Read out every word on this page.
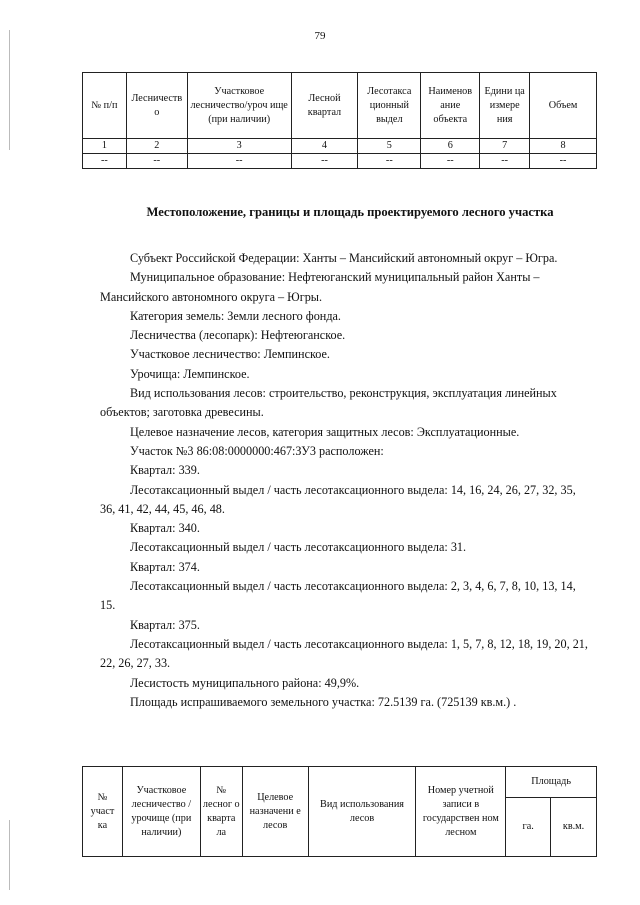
79
№ п/п	Лесничеств о	Участковое лесничество/уроч ище (при наличии)	Лесной квартал	Лесотакса ционный выдел	Наименов ание объекта	Едини ца измере ния	Объем
1	2	3	4	5	6	7	8
--	--	--	--	--	--	--	--
Местоположение, границы и площадь проектируемого лесного участка

Субъект Российской Федерации: Ханты – Мансийский автономный округ – Югра.

Муниципальное образование: Нефтеюганский муниципальный район Ханты – Мансийского автономного округа – Югры.

Категория земель: Земли лесного фонда.

Лесничества (лесопарк): Нефтеюганское.

Участковое лесничество: Лемпинское.

Урочища: Лемпинское.

Вид использования лесов: строительство, реконструкция, эксплуатация линейных объектов; заготовка древесины.

Целевое назначение лесов, категория защитных лесов: Эксплуатационные.

Участок №3 86:08:0000000:467:ЗУ3 расположен:

Квартал: 339.

Лесотаксационный выдел / часть лесотаксационного выдела: 14, 16, 24, 26, 27, 32, 35, 36, 41, 42, 44, 45, 46, 48.

Квартал: 340.

Лесотаксационный выдел / часть лесотаксационного выдела: 31.

Квартал: 374.

Лесотаксационный выдел / часть лесотаксационного выдела: 2, 3, 4, 6, 7, 8, 10, 13, 14, 15.

Квартал: 375.

Лесотаксационный выдел / часть лесотаксационного выдела: 1, 5, 7, 8, 12, 18, 19, 20, 21, 22, 26, 27, 33.

Лесистость муниципального района: 49,9%.

Площадь испрашиваемого земельного участка: 72.5139 га. (725139 кв.м.) .

№ участ ка	Участковое лесничество / урочище (при наличии)	№ лесног о кварта ла	Целевое назначени е лесов	Вид использования лесов	Номер учетной записи в государствен ном лесном	Площадь	
						га.	кв.м.
